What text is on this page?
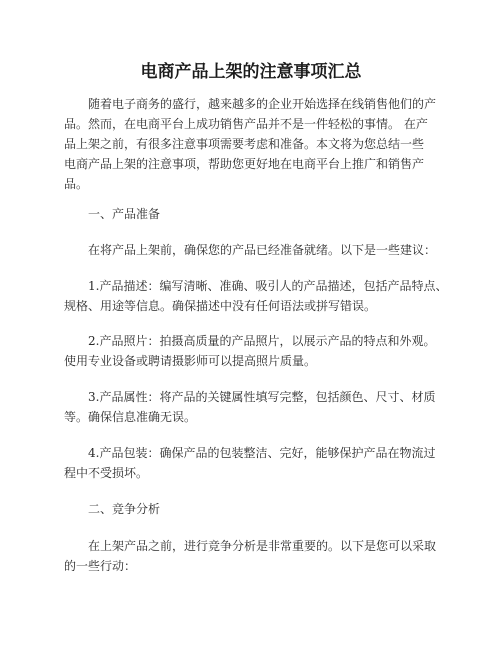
电商产品上架的注意事项汇总
随着电子商务的盛行，越来越多的企业开始选择在线销售他们的产
品。然而，在电商平台上成功销售产品并不是一件轻松的事情。 在产
品上架之前，有很多注意事项需要考虑和准备。本文将为您总结一些
电商产品上架的注意事项，帮助您更好地在电商平台上推广和销售产
品。
一、产品准备
在将产品上架前，确保您的产品已经准备就绪。以下是一些建议：
1.产品描述：编写清晰、准确、吸引人的产品描述，包括产品特点、
规格、用途等信息。确保描述中没有任何语法或拼写错误。
2.产品照片：拍摄高质量的产品照片，以展示产品的特点和外观。
使用专业设备或聘请摄影师可以提高照片质量。
3.产品属性：将产品的关键属性填写完整，包括颜色、尺寸、材质
等。确保信息准确无误。
4.产品包装：确保产品的包装整洁、完好，能够保护产品在物流过
程中不受损坏。
二、竞争分析
在上架产品之前，进行竞争分析是非常重要的。以下是您可以采取
的一些行动：
